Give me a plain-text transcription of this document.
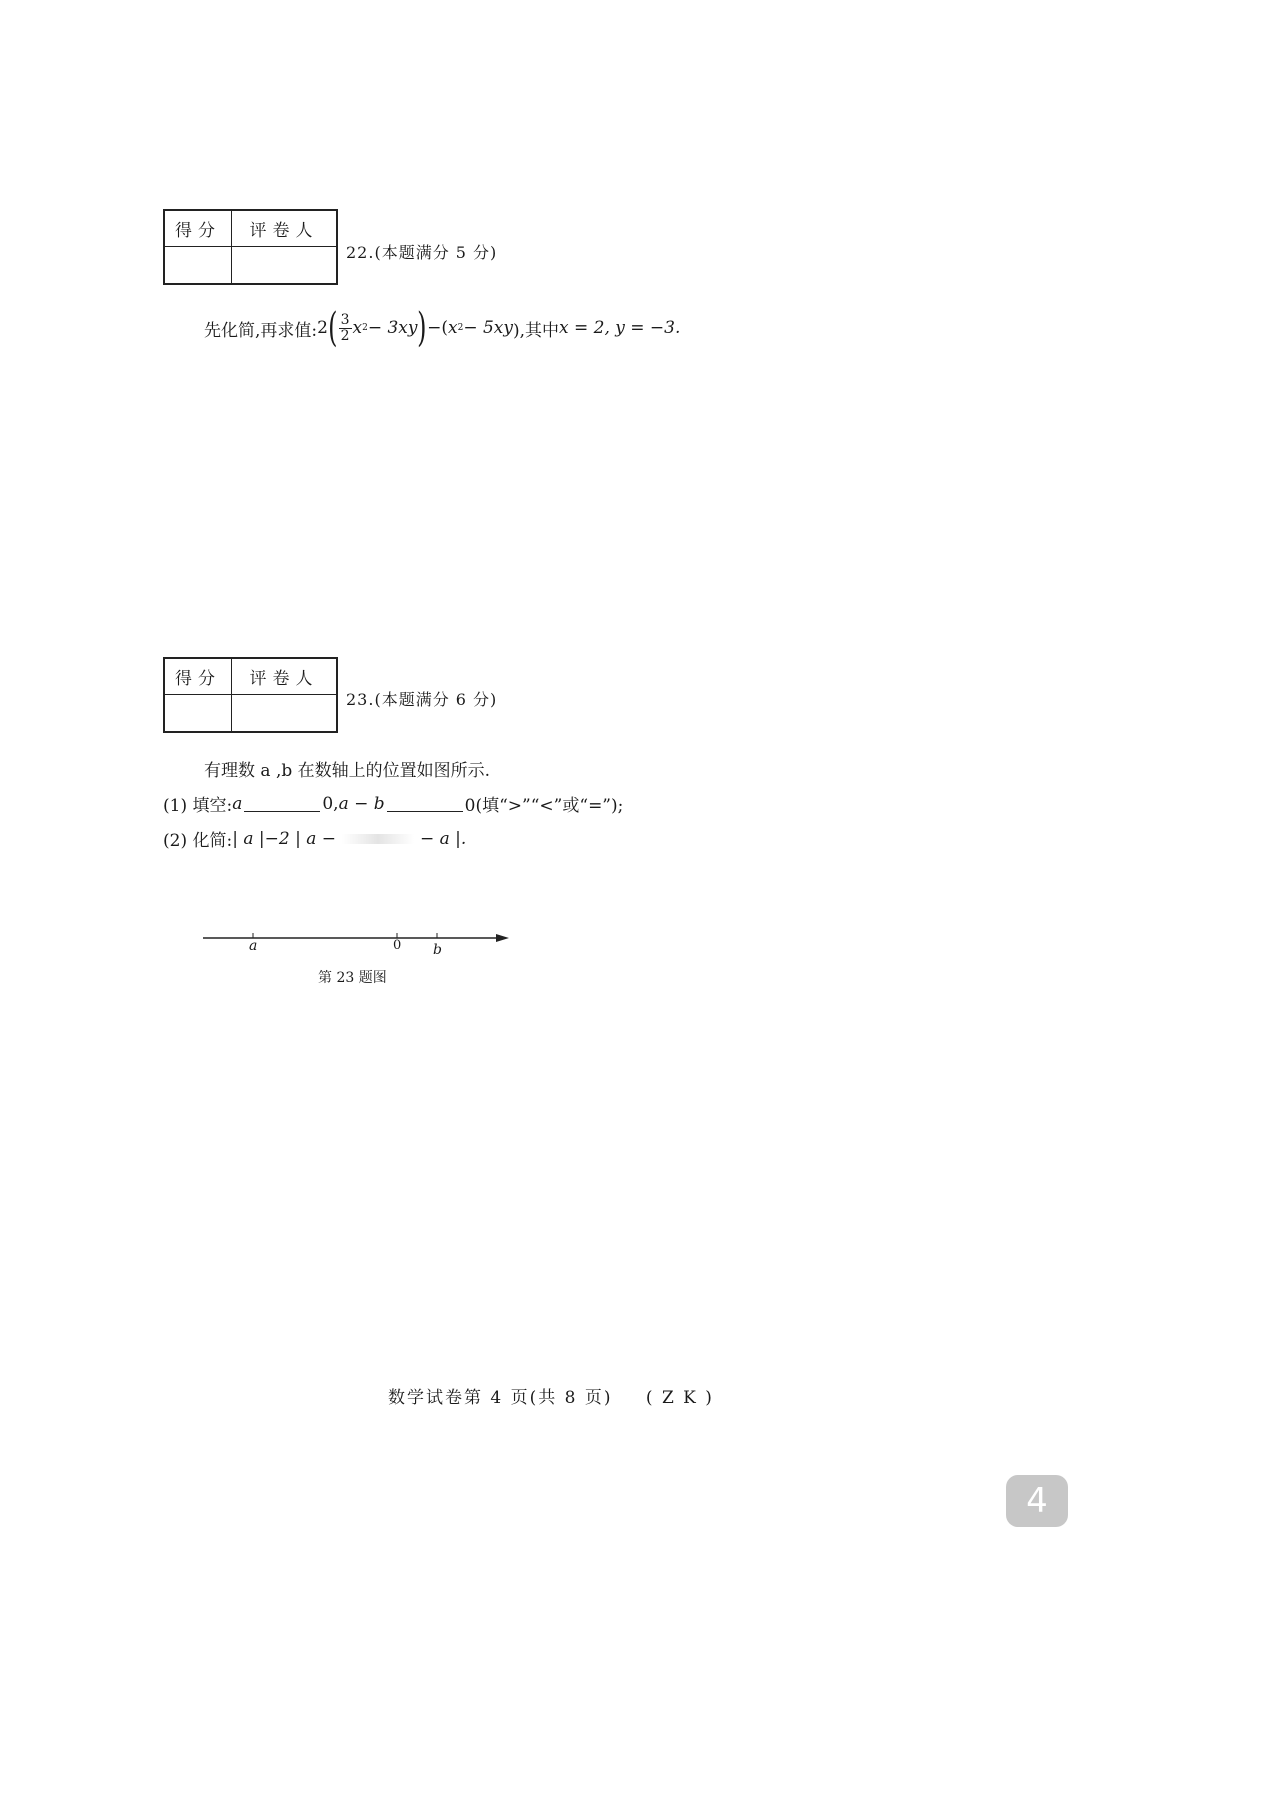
得分	评卷人

22.(本题满分 5 分)
先化简,再求值: 2 ( $\frac{3}{2}$ x 2 − 3xy ) −( x 2 − 5xy ),其中 x = 2, y = −3.
得分	评卷人

23.(本题满分 6 分)
有理数 a ,b 在数轴上的位置如图所示.
(1) 填空: a	0, a − b	0(填“>”“<”或“=”);
(2) 化简: | a |−2 | a −	− a |.
a	0 b
第 23 题图
数学试卷第 4 页(共 8 页) ( Z K )
4
